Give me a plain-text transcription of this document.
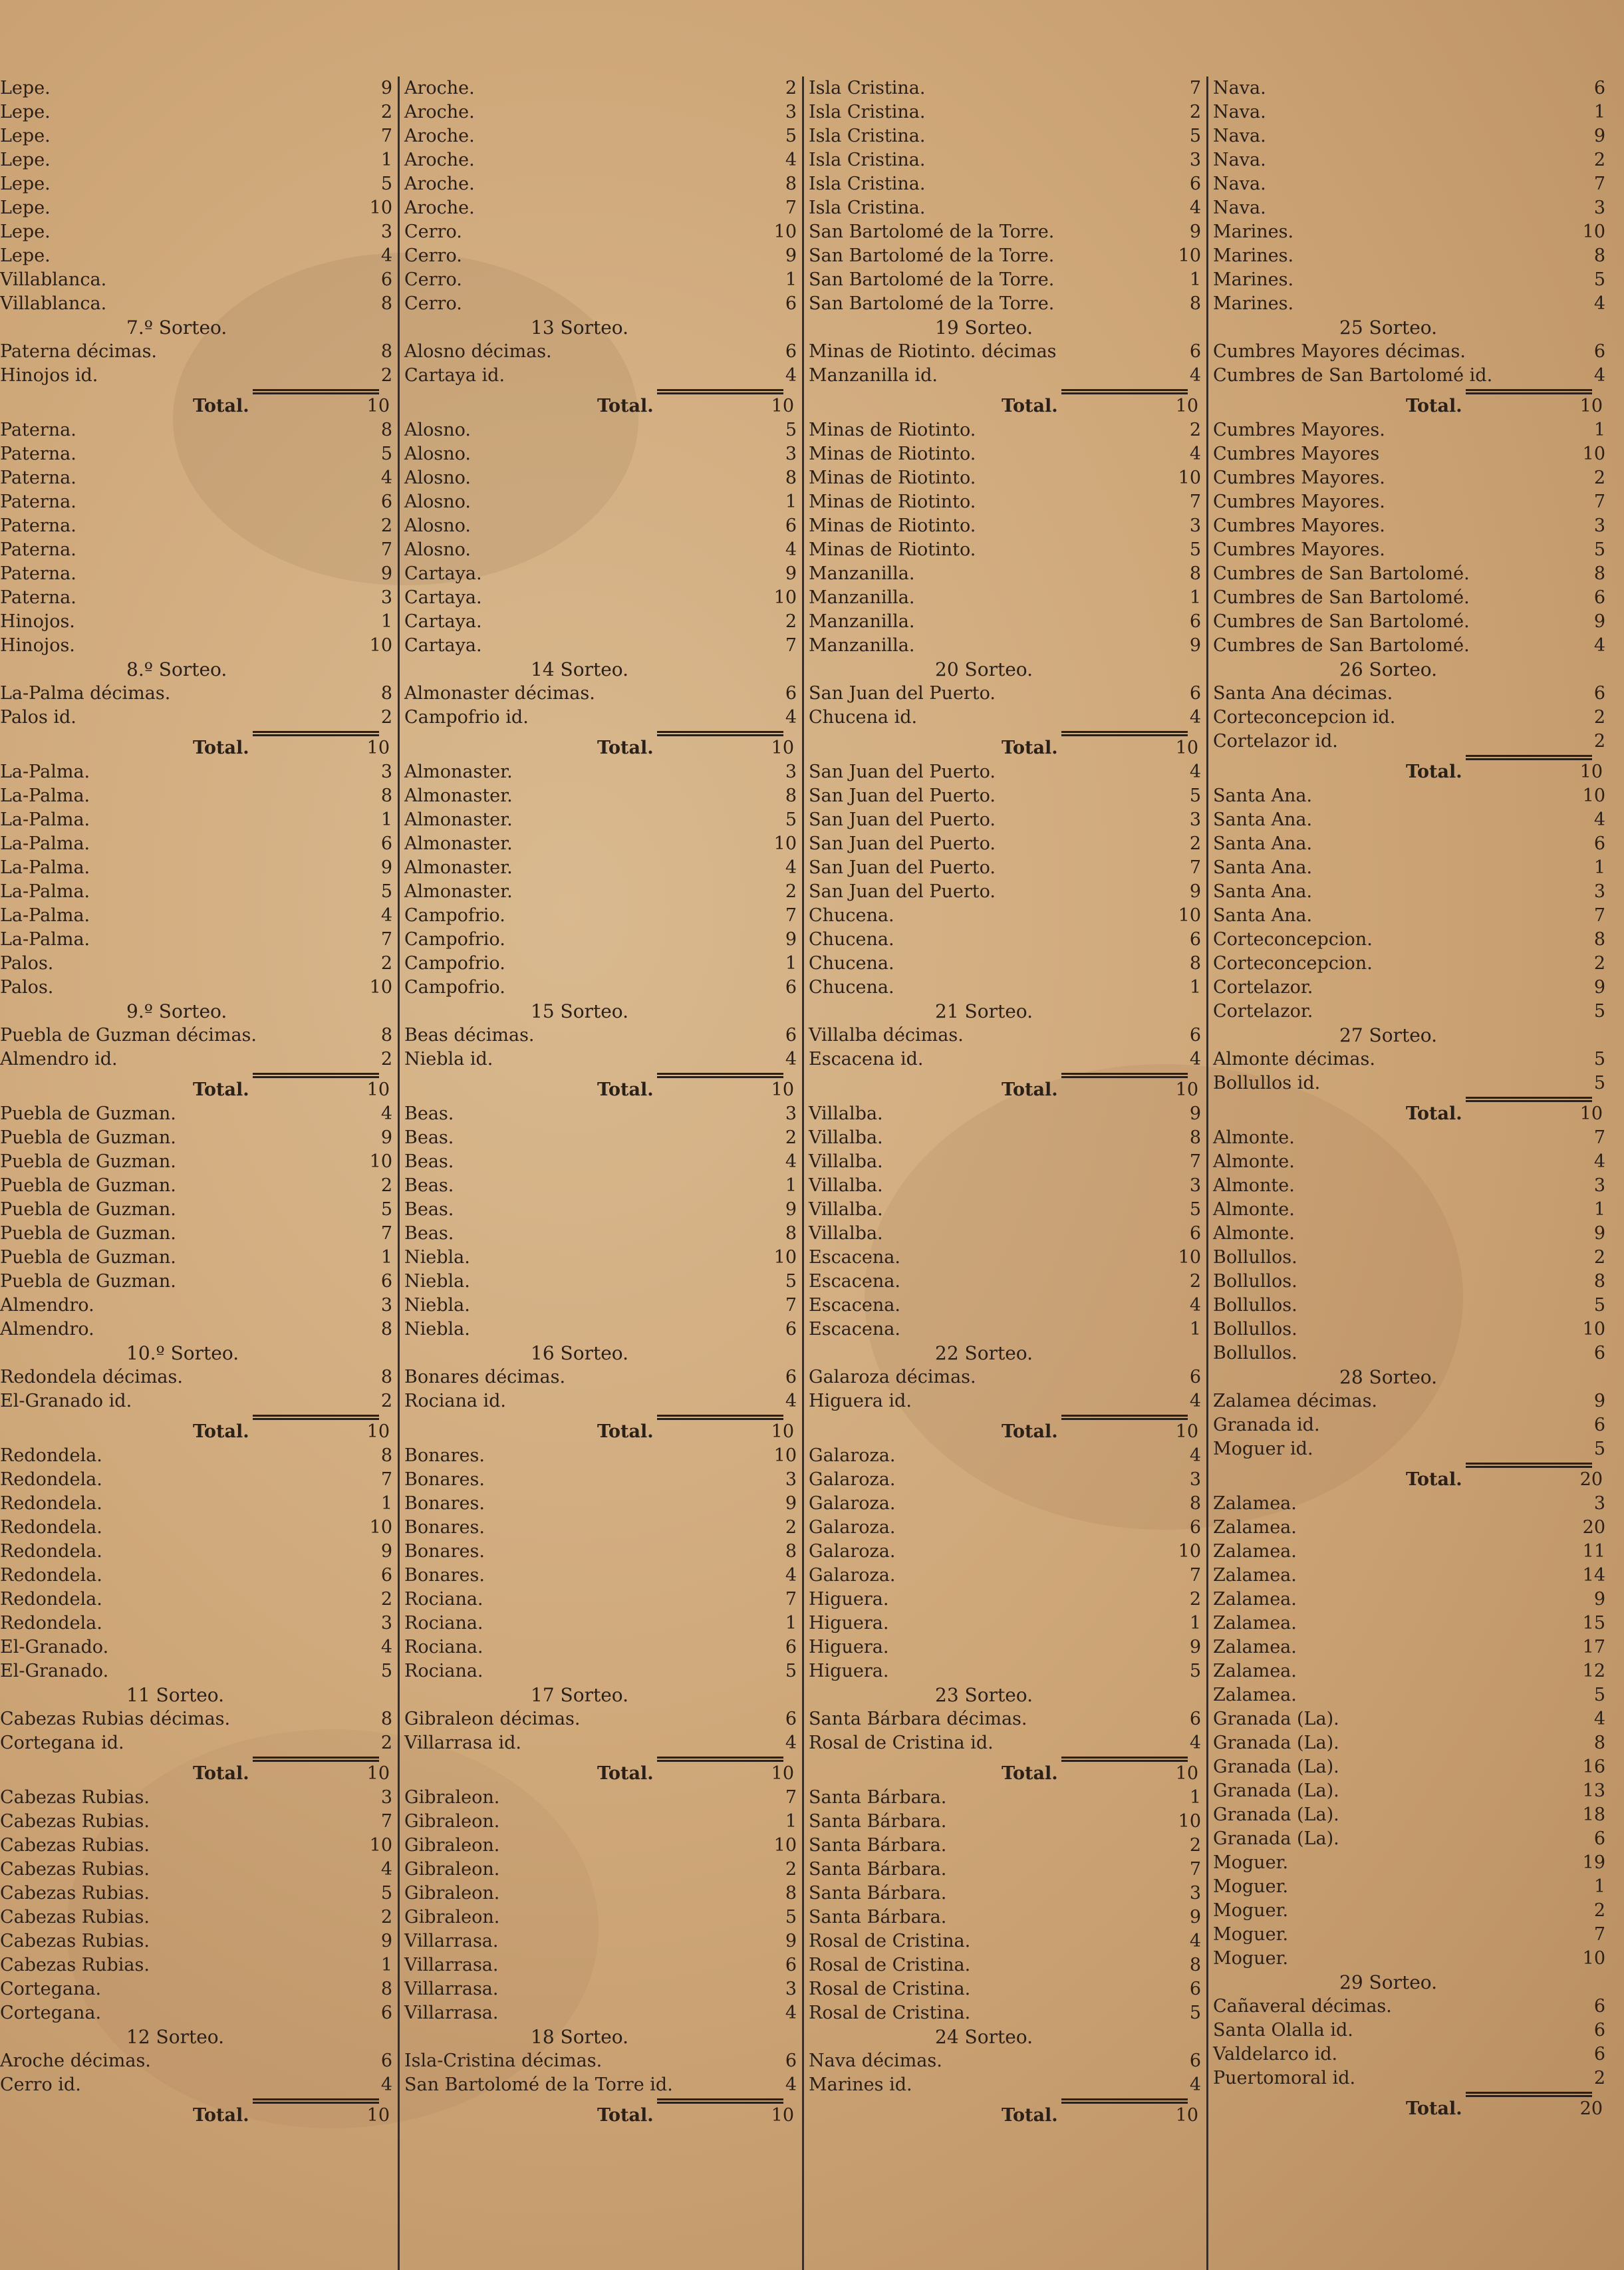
Lepe.	9
Lepe.	2
Lepe.	7
Lepe.	1
Lepe.	5
Lepe.	10
Lepe.	3
Lepe.	4
Villablanca.	6
Villablanca.	8
7.º Sorteo.
Paterna décimas.	8
Hinojos id.	2
Total.	10
Paterna.	8
Paterna.	5
Paterna.	4
Paterna.	6
Paterna.	2
Paterna.	7
Paterna.	9
Paterna.	3
Hinojos.	1
Hinojos.	10
8.º Sorteo.
La-Palma décimas.	8
Palos id.	2
Total.	10
La-Palma.	3
La-Palma.	8
La-Palma.	1
La-Palma.	6
La-Palma.	9
La-Palma.	5
La-Palma.	4
La-Palma.	7
Palos.	2
Palos.	10
9.º Sorteo.
Puebla de Guzman décimas.	8
Almendro id.	2
Total.	10
Puebla de Guzman.	4
Puebla de Guzman.	9
Puebla de Guzman.	10
Puebla de Guzman.	2
Puebla de Guzman.	5
Puebla de Guzman.	7
Puebla de Guzman.	1
Puebla de Guzman.	6
Almendro.	3
Almendro.	8
10.º Sorteo.
Redondela décimas.	8
El-Granado id.	2
Total.	10
Redondela.	8
Redondela.	7
Redondela.	1
Redondela.	10
Redondela.	9
Redondela.	6
Redondela.	2
Redondela.	3
El-Granado.	4
El-Granado.	5
11 Sorteo.
Cabezas Rubias décimas.	8
Cortegana id.	2
Total.	10
Cabezas Rubias.	3
Cabezas Rubias.	7
Cabezas Rubias.	10
Cabezas Rubias.	4
Cabezas Rubias.	5
Cabezas Rubias.	2
Cabezas Rubias.	9
Cabezas Rubias.	1
Cortegana.	8
Cortegana.	6
12 Sorteo.
Aroche décimas.	6
Cerro id.	4
Total.	10
Aroche.	2
Aroche.	3
Aroche.	5
Aroche.	4
Aroche.	8
Aroche.	7
Cerro.	10
Cerro.	9
Cerro.	1
Cerro.	6
13 Sorteo.
Alosno décimas.	6
Cartaya id.	4
Total.	10
Alosno.	5
Alosno.	3
Alosno.	8
Alosno.	1
Alosno.	6
Alosno.	4
Cartaya.	9
Cartaya.	10
Cartaya.	2
Cartaya.	7
14 Sorteo.
Almonaster décimas.	6
Campofrio id.	4
Total.	10
Almonaster.	3
Almonaster.	8
Almonaster.	5
Almonaster.	10
Almonaster.	4
Almonaster.	2
Campofrio.	7
Campofrio.	9
Campofrio.	1
Campofrio.	6
15 Sorteo.
Beas décimas.	6
Niebla id.	4
Total.	10
Beas.	3
Beas.	2
Beas.	4
Beas.	1
Beas.	9
Beas.	8
Niebla.	10
Niebla.	5
Niebla.	7
Niebla.	6
16 Sorteo.
Bonares décimas.	6
Rociana id.	4
Total.	10
Bonares.	10
Bonares.	3
Bonares.	9
Bonares.	2
Bonares.	8
Bonares.	4
Rociana.	7
Rociana.	1
Rociana.	6
Rociana.	5
17 Sorteo.
Gibraleon décimas.	6
Villarrasa id.	4
Total.	10
Gibraleon.	7
Gibraleon.	1
Gibraleon.	10
Gibraleon.	2
Gibraleon.	8
Gibraleon.	5
Villarrasa.	9
Villarrasa.	6
Villarrasa.	3
Villarrasa.	4
18 Sorteo.
Isla-Cristina décimas.	6
San Bartolomé de la Torre id.	4
Total.	10
Isla Cristina.	7
Isla Cristina.	2
Isla Cristina.	5
Isla Cristina.	3
Isla Cristina.	6
Isla Cristina.	4
San Bartolomé de la Torre.	9
San Bartolomé de la Torre.	10
San Bartolomé de la Torre.	1
San Bartolomé de la Torre.	8
19 Sorteo.
Minas de Riotinto. décimas	6
Manzanilla id.	4
Total.	10
Minas de Riotinto.	2
Minas de Riotinto.	4
Minas de Riotinto.	10
Minas de Riotinto.	7
Minas de Riotinto.	3
Minas de Riotinto.	5
Manzanilla.	8
Manzanilla.	1
Manzanilla.	6
Manzanilla.	9
20 Sorteo.
San Juan del Puerto.	6
Chucena id.	4
Total.	10
San Juan del Puerto.	4
San Juan del Puerto.	5
San Juan del Puerto.	3
San Juan del Puerto.	2
San Juan del Puerto.	7
San Juan del Puerto.	9
Chucena.	10
Chucena.	6
Chucena.	8
Chucena.	1
21 Sorteo.
Villalba décimas.	6
Escacena id.	4
Total.	10
Villalba.	9
Villalba.	8
Villalba.	7
Villalba.	3
Villalba.	5
Villalba.	6
Escacena.	10
Escacena.	2
Escacena.	4
Escacena.	1
22 Sorteo.
Galaroza décimas.	6
Higuera id.	4
Total.	10
Galaroza.	4
Galaroza.	3
Galaroza.	8
Galaroza.	6
Galaroza.	10
Galaroza.	7
Higuera.	2
Higuera.	1
Higuera.	9
Higuera.	5
23 Sorteo.
Santa Bárbara décimas.	6
Rosal de Cristina id.	4
Total.	10
Santa Bárbara.	1
Santa Bárbara.	10
Santa Bárbara.	2
Santa Bárbara.	7
Santa Bárbara.	3
Santa Bárbara.	9
Rosal de Cristina.	4
Rosal de Cristina.	8
Rosal de Cristina.	6
Rosal de Cristina.	5
24 Sorteo.
Nava décimas.	6
Marines id.	4
Total.	10
Nava.	6
Nava.	1
Nava.	9
Nava.	2
Nava.	7
Nava.	3
Marines.	10
Marines.	8
Marines.	5
Marines.	4
25 Sorteo.
Cumbres Mayores décimas.	6
Cumbres de San Bartolomé id.	4
Total.	10
Cumbres Mayores.	1
Cumbres Mayores	10
Cumbres Mayores.	2
Cumbres Mayores.	7
Cumbres Mayores.	3
Cumbres Mayores.	5
Cumbres de San Bartolomé.	8
Cumbres de San Bartolomé.	6
Cumbres de San Bartolomé.	9
Cumbres de San Bartolomé.	4
26 Sorteo.
Santa Ana décimas.	6
Corteconcepcion id.	2
Cortelazor id.	2
Total.	10
Santa Ana.	10
Santa Ana.	4
Santa Ana.	6
Santa Ana.	1
Santa Ana.	3
Santa Ana.	7
Corteconcepcion.	8
Corteconcepcion.	2
Cortelazor.	9
Cortelazor.	5
27 Sorteo.
Almonte décimas.	5
Bollullos id.	5
Total.	10
Almonte.	7
Almonte.	4
Almonte.	3
Almonte.	1
Almonte.	9
Bollullos.	2
Bollullos.	8
Bollullos.	5
Bollullos.	10
Bollullos.	6
28 Sorteo.
Zalamea décimas.	9
Granada id.	6
Moguer id.	5
Total.	20
Zalamea.	3
Zalamea.	20
Zalamea.	11
Zalamea.	14
Zalamea.	9
Zalamea.	15
Zalamea.	17
Zalamea.	12
Zalamea.	5
Granada (La).	4
Granada (La).	8
Granada (La).	16
Granada (La).	13
Granada (La).	18
Granada (La).	6
Moguer.	19
Moguer.	1
Moguer.	2
Moguer.	7
Moguer.	10
29 Sorteo.
Cañaveral décimas.	6
Santa Olalla id.	6
Valdelarco id.	6
Puertomoral id.	2
Total.	20
